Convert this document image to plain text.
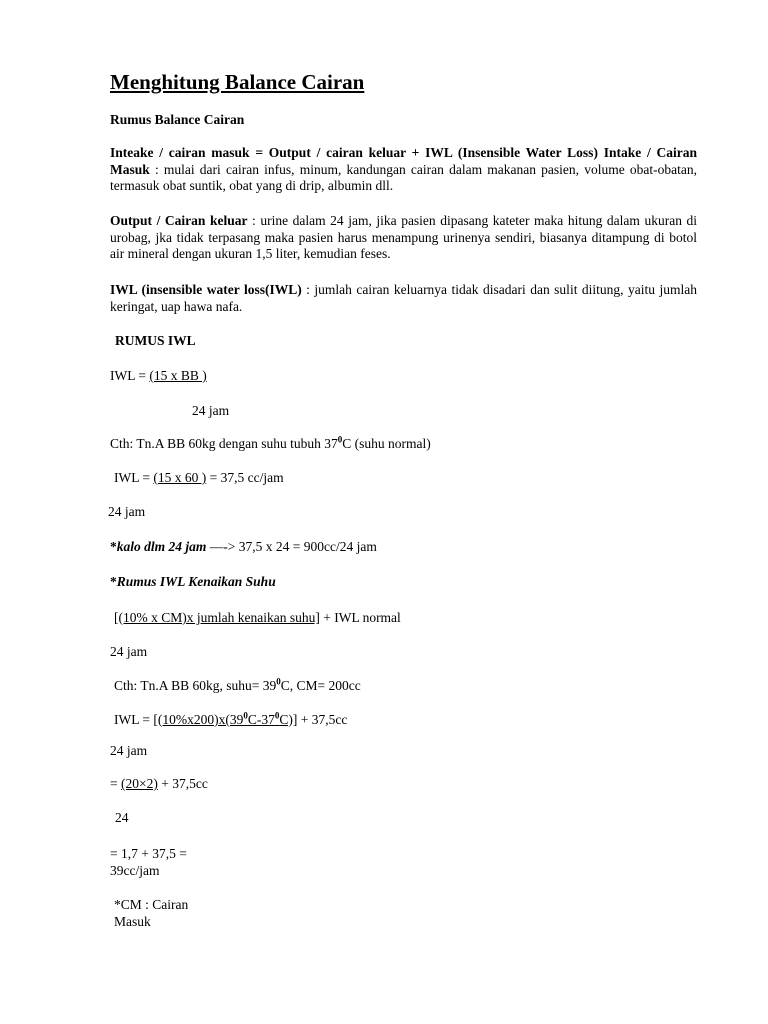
Menghitung Balance Cairan
Rumus Balance Cairan

Inteake / cairan masuk = Output / cairan keluar + IWL (Insensible Water Loss) Intake / Cairan Masuk : mulai dari cairan infus, minum, kandungan cairan dalam makanan pasien, volume obat-obatan, termasuk obat suntik, obat yang di drip, albumin dll.

Output / Cairan keluar : urine dalam 24 jam, jika pasien dipasang kateter maka hitung dalam ukuran di urobag, jka tidak terpasang maka pasien harus menampung urinenya sendiri, biasanya ditampung di botol air mineral dengan ukuran 1,5 liter, kemudian feses.

IWL (insensible water loss(IWL) : jumlah cairan keluarnya tidak disadari dan sulit diitung, yaitu jumlah keringat, uap hawa nafa.

RUMUS IWL
IWL = (15 x BB )
24 jam
Cth: Tn.A BB 60kg dengan suhu tubuh $37^0C$ (suhu normal)
IWL = (15 x 60 ) = 37,5 cc/jam
24 jam
*kalo dlm 24 jam —-> 37,5 x 24 = 900cc/24 jam
*Rumus IWL Kenaikan Suhu
[(10% x CM)x jumlah kenaikan suhu] + IWL normal
24 jam
Cth: Tn.A BB 60kg, suhu= $39^0C$, CM= 200cc
IWL = $[(10\%x200)x(39^0C-37^0C)] + 37,5cc$
24 jam
= (20×2) + 37,5cc
24
= 1,7 + 37,5 =
39cc/jam
*CM : Cairan
Masuk
